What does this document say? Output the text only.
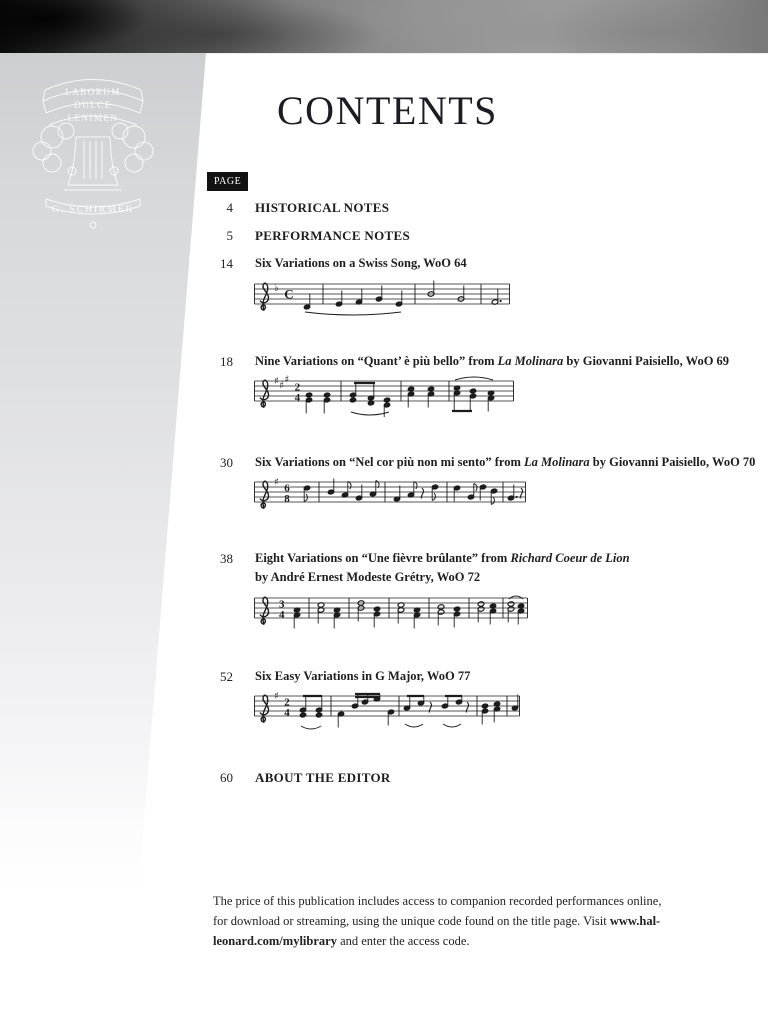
LABORUM
DULCE
LENIMEN
G. SCHIRMER
CONTENTS
PAGE
4 HISTORICAL NOTES
5 PERFORMANCE NOTES
14 Six Variations on a Swiss Song, WoO 64
♭ C
18 Nine Variations on “Quant’ è più bello” from La Molinara by Giovanni Paisiello, WoO 69
♯ ♯
♯
2
4
30 Six Variations on “Nel cor più non mi sento” from La Molinara by Giovanni Paisiello, WoO 70
♯ 6
8
38 Eight Variations on “Une fièvre brûlante” from Richard Coeur de Lion
by André Ernest Modeste Grétry, WoO 72
3
4
52 Six Easy Variations in G Major, WoO 77
♯ 2
4
60 ABOUT THE EDITOR
The price of this publication includes access to companion recorded performances online,
for download or streaming, using the unique code found on the title page. Visit www.hal-
leonard.com/mylibrary and enter the access code.
